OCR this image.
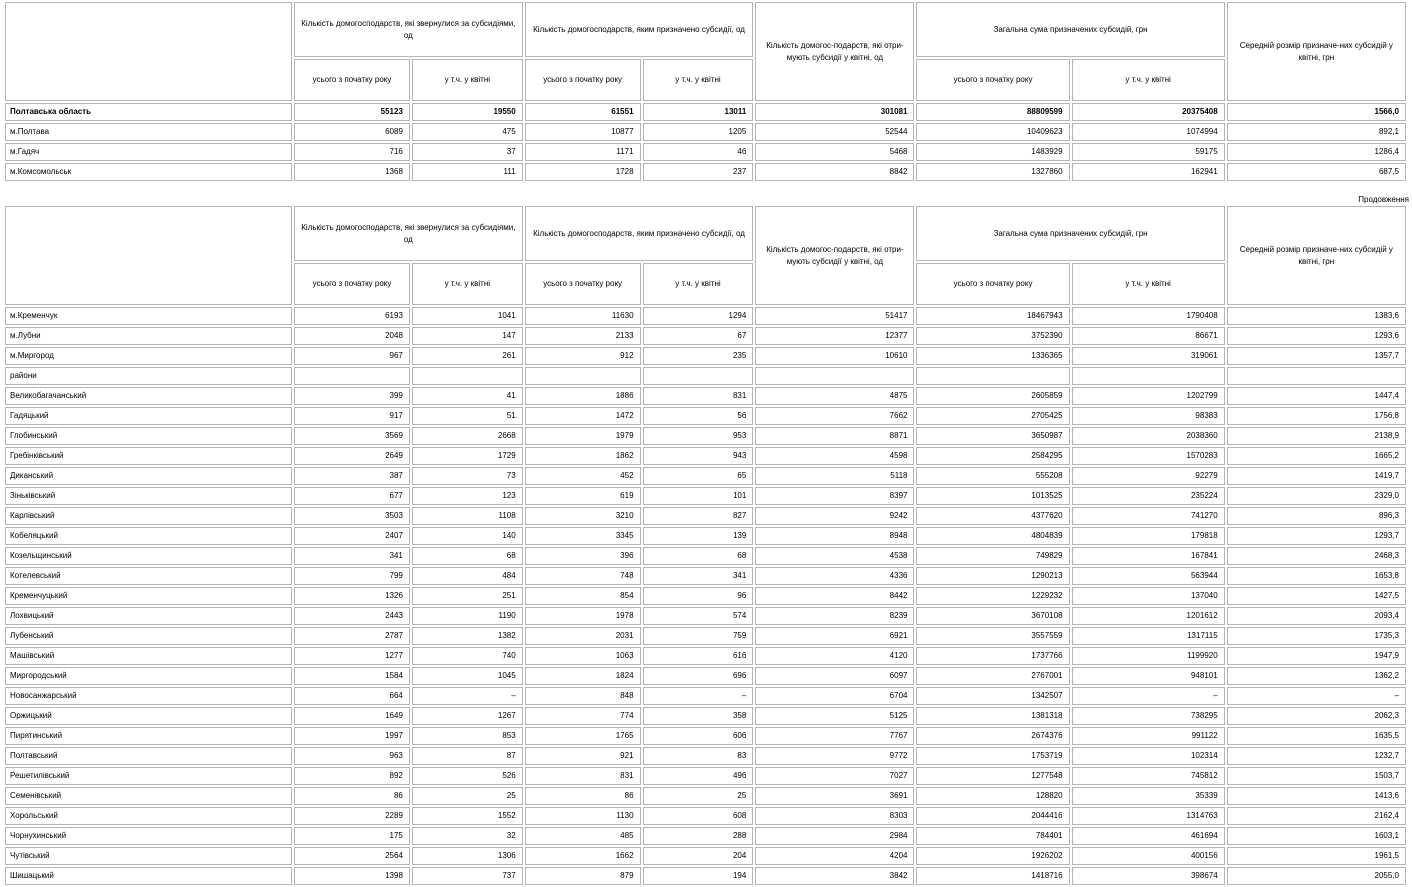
	Кількість домогосподарств, які звернулися за субсидіями, од		Кількість домогосподарств, яким призначено субсидії, од		Кількість домогос-подарств, які отри-мують субсидії у квітні, од	Загальна сума призначених субсидій, грн		Середній розмір призначе-них субсидій у квітні, грн
	усього з початку року	у т.ч. у квітні	усього з початку року	у т.ч. у квітні		усього з початку року	у т.ч. у квітні	
Полтавська область	55123	19550	61551	13011	301081	88809599	20375408	1566,0
м.Полтава	6089	475	10877	1205	52544	10409623	1074994	892,1
м.Гадяч	716	37	1171	46	5468	1483929	59175	1286,4
м.Комсомольськ	1368	111	1728	237	8842	1327860	162941	687,5
Продовження
	Кількість домогосподарств, які звернулися за субсидіями, од		Кількість домогосподарств, яким призначено субсидії, од		Кількість домогос-подарств, які отри-мують субсидії у квітні, од	Загальна сума призначених субсидій, грн		Середній розмір призначе-них субсидій у квітні, грн
	усього з початку року	у т.ч. у квітні	усього з початку року	у т.ч. у квітні		усього з початку року	у т.ч. у квітні	
м.Кременчук	6193	1041	11630	1294	51417	18467943	1790408	1383,6
м.Лубни	2048	147	2133	67	12377	3752390	86671	1293,6
м.Миргород	967	261	912	235	10610	1336365	319061	1357,7
райони								
Великобагачанський	399	41	1886	831	4875	2605859	1202799	1447,4
Гадяцький	917	51	1472	56	7662	2705425	98383	1756,8
Глобинський	3569	2668	1979	953	8871	3650987	2038360	2138,9
Гребінківський	2649	1729	1862	943	4598	2584295	1570283	1665,2
Диканський	387	73	452	65	5118	555208	92279	1419,7
Зіньківський	677	123	619	101	8397	1013525	235224	2329,0
Карлівський	3503	1108	3210	827	9242	4377620	741270	896,3
Кобеляцький	2407	140	3345	139	8948	4804839	179818	1293,7
Козельщинський	341	68	396	68	4538	749829	167841	2468,3
Котелевський	799	484	748	341	4336	1290213	563944	1653,8
Кременчуцький	1326	251	854	96	8442	1229232	137040	1427,5
Лохвицький	2443	1190	1978	574	8239	3670108	1201612	2093,4
Лубенський	2787	1382	2031	759	6921	3557559	1317115	1735,3
Машівський	1277	740	1063	616	4120	1737766	1199920	1947,9
Миргородський	1584	1045	1824	696	6097	2767001	948101	1362,2
Новосанжарський	664	–	848	–	6704	1342507	–	–
Оржицький	1649	1267	774	358	5125	1381318	738295	2062,3
Пирятинський	1997	853	1765	606	7767	2674376	991122	1635,5
Полтавський	963	87	921	83	9772	1753719	102314	1232,7
Решетилівський	892	526	831	496	7027	1277548	745812	1503,7
Семенівський	86	25	86	25	3691	128820	35339	1413,6
Хорольський	2289	1552	1130	608	8303	2044416	1314763	2162,4
Чорнухинський	175	32	485	288	2984	784401	461694	1603,1
Чутівський	2564	1306	1662	204	4204	1926202	400156	1961,5
Шишацький	1398	737	879	194	3842	1418716	398674	2055,0
